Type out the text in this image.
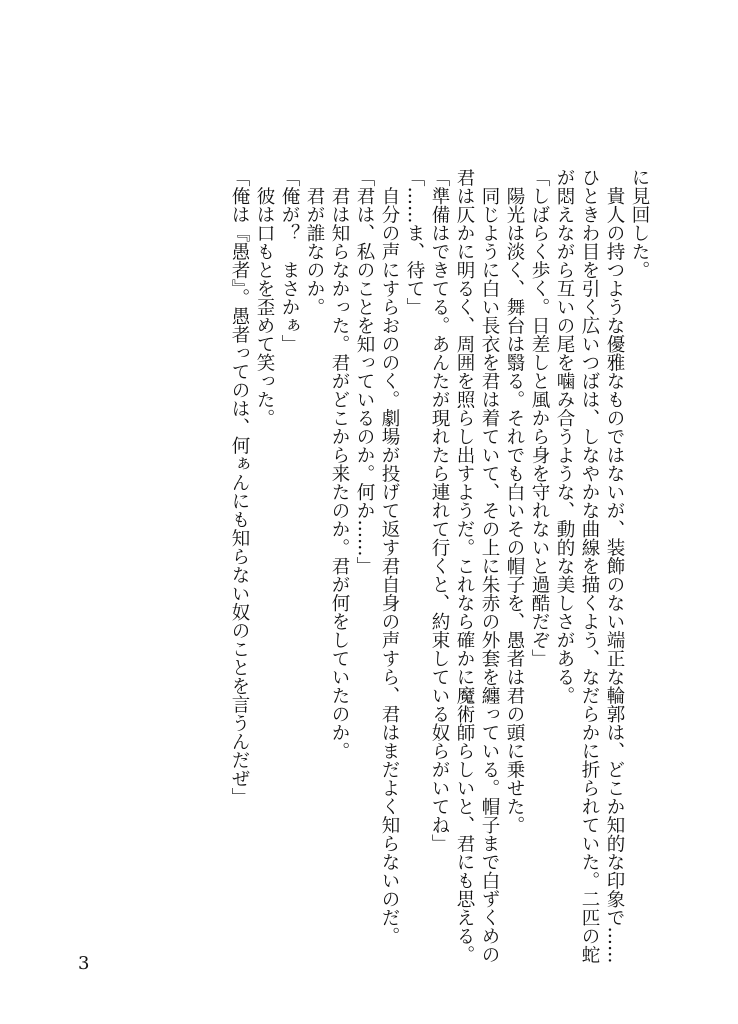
に見回した。
　貴人の持つような優雅なものではないが、装飾のない端正な輪郭は、どこか知的な印象で……
ひときわ目を引く広いつばは、しなやかな曲線を描くよう、なだらかに折られていた。二匹の蛇
が悶えながら互いの尾を噛み合うような、動的な美しさがある。
「しばらく歩く。日差しと風から身を守れないと過酷だぞ」
　陽光は淡く、舞台は翳る。それでも白いその帽子を、愚者は君の頭に乗せた。
　同じように白い長衣を君は着ていて、その上に朱赤の外套を纏っている。帽子まで白ずくめの
君は仄かに明るく、周囲を照らし出すようだ。これなら確かに魔術師らしいと、君にも思える。
「準備はできてる。あんたが現れたら連れて行くと、約束している奴らがいてね」
「……ま、待て」
　自分の声にすらおののく。劇場が投げて返す君自身の声すら、君はまだよく知らないのだ。
「君は、私のことを知っているのか。何か……」
　君は知らなかった。君がどこから来たのか。君が何をしていたのか。
　君が誰なのか。
「俺が？　まさかぁ」
　彼は口もとを歪めて笑った。
「俺は『愚者』。愚者ってのは、何ぁんにも知らない奴のことを言うんだぜ」
3
